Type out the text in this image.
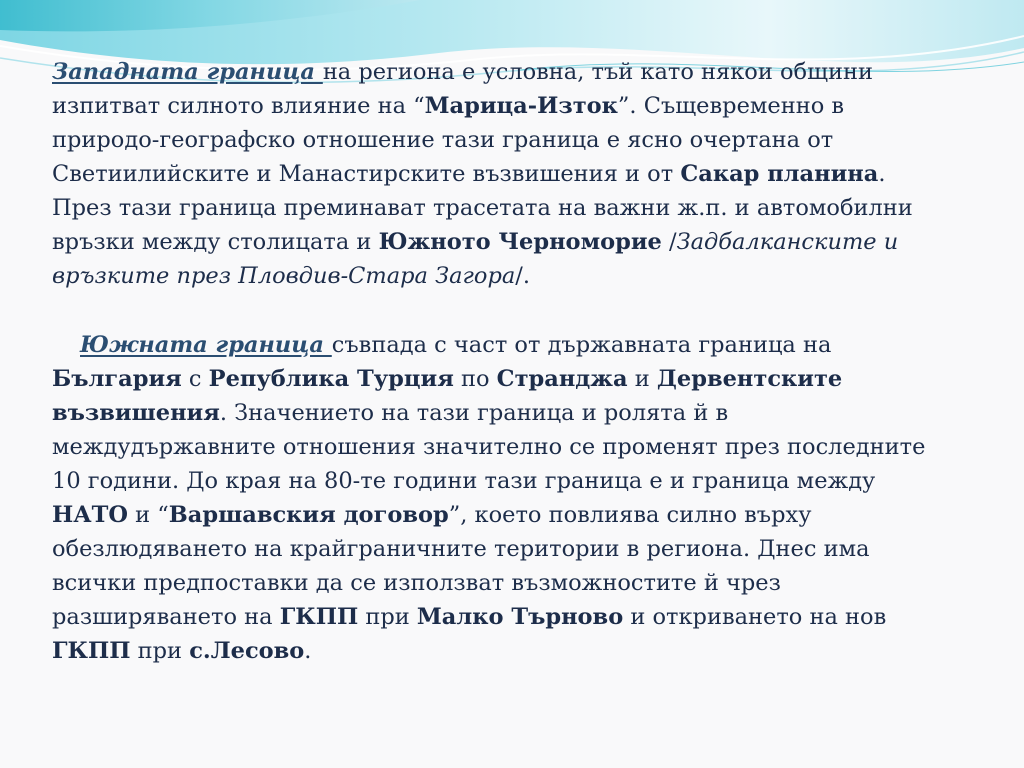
Западната граница на региона е условна, тъй като някои общини
изпитват силното влияние на “Марица-Изток”. Същевременно в
природо-географско отношение тази граница е ясно очертана от
Светиилийските и Манастирските възвишения и от Сакар планина.
През тази граница преминават трасетата на важни ж.п. и автомобилни
връзки между столицата и Южното Черноморие /Задбалканските и
връзките през Пловдив-Стара Загора/.
Южната граница съвпада с част от държавната граница на
България с Република Турция по Странджа и Дервентските
възвишения. Значението на тази граница и ролята й в
междудържавните отношения значително се променят през последните
10 години. До края на 80-те години тази граница е и граница между
НАТО и “Варшавския договор”, което повлиява силно върху
обезлюдяването на крайграничните територии в региона. Днес има
всички предпоставки да се използват възможностите й чрез
разширяването на ГКПП при Малко Търново и откриването на нов
ГКПП при с.Лесово.
